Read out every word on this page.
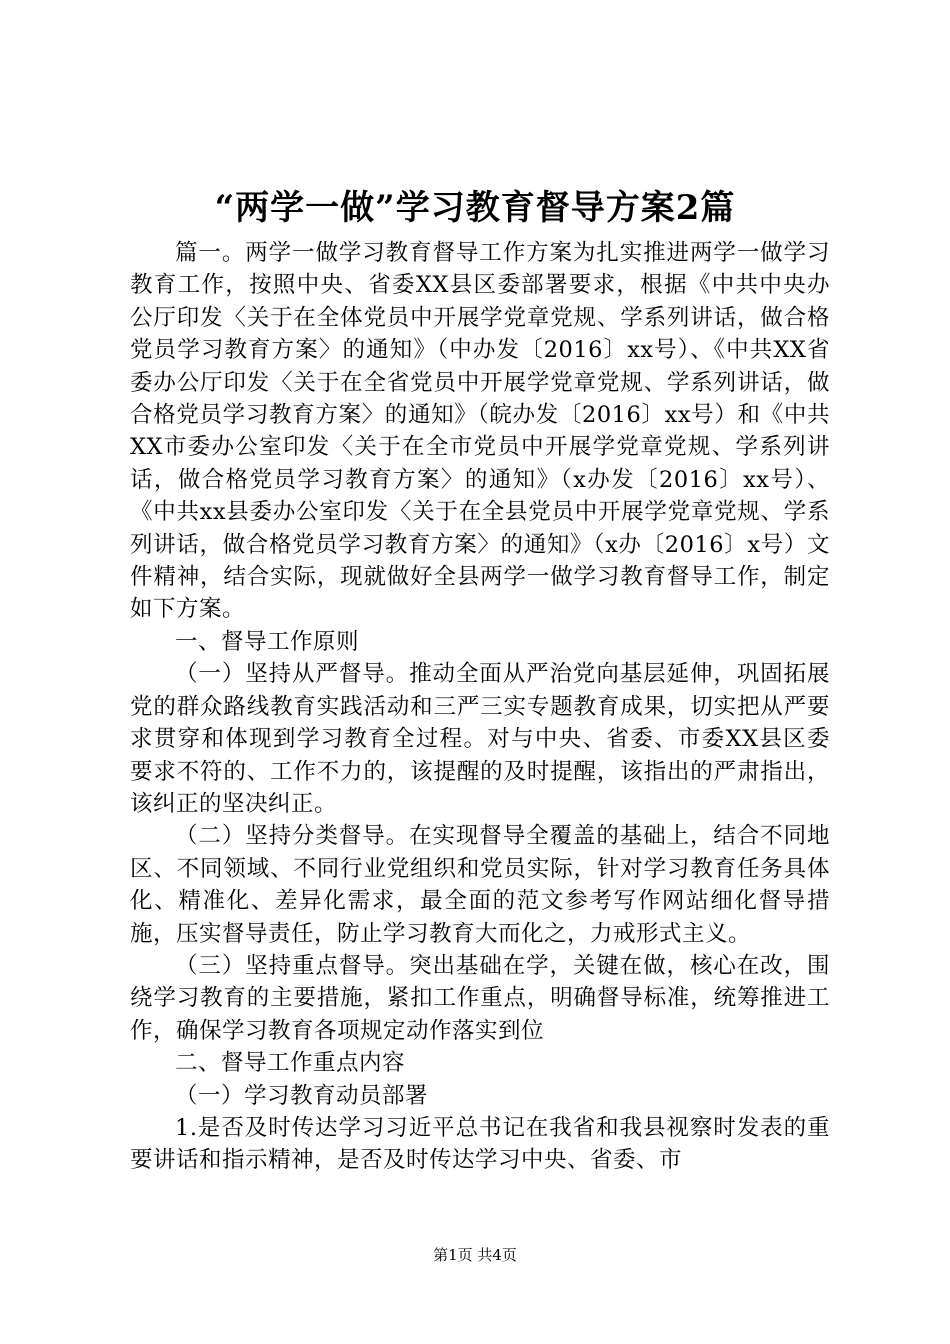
“两学一做”学习教育督导方案2篇

篇一。两学一做学习教育督导工作方案为扎实推进两学一做学习教育工作，按照中央、省委XX县区委部署要求，根据《中共中央办公厅印发〈关于在全体党员中开展学党章党规、学系列讲话，做合格党员学习教育方案〉的通知》（中办发〔2016〕xx号）、《中共XX省委办公厅印发〈关于在全省党员中开展学党章党规、学系列讲话，做合格党员学习教育方案〉的通知》（皖办发〔2016〕xx号）和《中共XX市委办公室印发〈关于在全市党员中开展学党章党规、学系列讲话，做合格党员学习教育方案〉的通知》（x办发〔2016〕xx号）、《中共xx县委办公室印发〈关于在全县党员中开展学党章党规、学系列讲话，做合格党员学习教育方案〉的通知》（x办〔2016〕x号）文件精神，结合实际，现就做好全县两学一做学习教育督导工作，制定如下方案。

一、督导工作原则

（一）坚持从严督导。推动全面从严治党向基层延伸，巩固拓展党的群众路线教育实践活动和三严三实专题教育成果，切实把从严要求贯穿和体现到学习教育全过程。对与中央、省委、市委XX县区委要求不符的、工作不力的，该提醒的及时提醒，该指出的严肃指出，该纠正的坚决纠正。

（二）坚持分类督导。在实现督导全覆盖的基础上，结合不同地区、不同领域、不同行业党组织和党员实际，针对学习教育任务具体化、精准化、差异化需求，最全面的范文参考写作网站细化督导措施，压实督导责任，防止学习教育大而化之，力戒形式主义。

（三）坚持重点督导。突出基础在学，关键在做，核心在改，围绕学习教育的主要措施，紧扣工作重点，明确督导标准，统筹推进工作，确保学习教育各项规定动作落实到位

二、督导工作重点内容

（一）学习教育动员部署

1.是否及时传达学习习近平总书记在我省和我县视察时发表的重要讲话和指示精神，是否及时传达学习中央、省委、市

第1页 共4页
